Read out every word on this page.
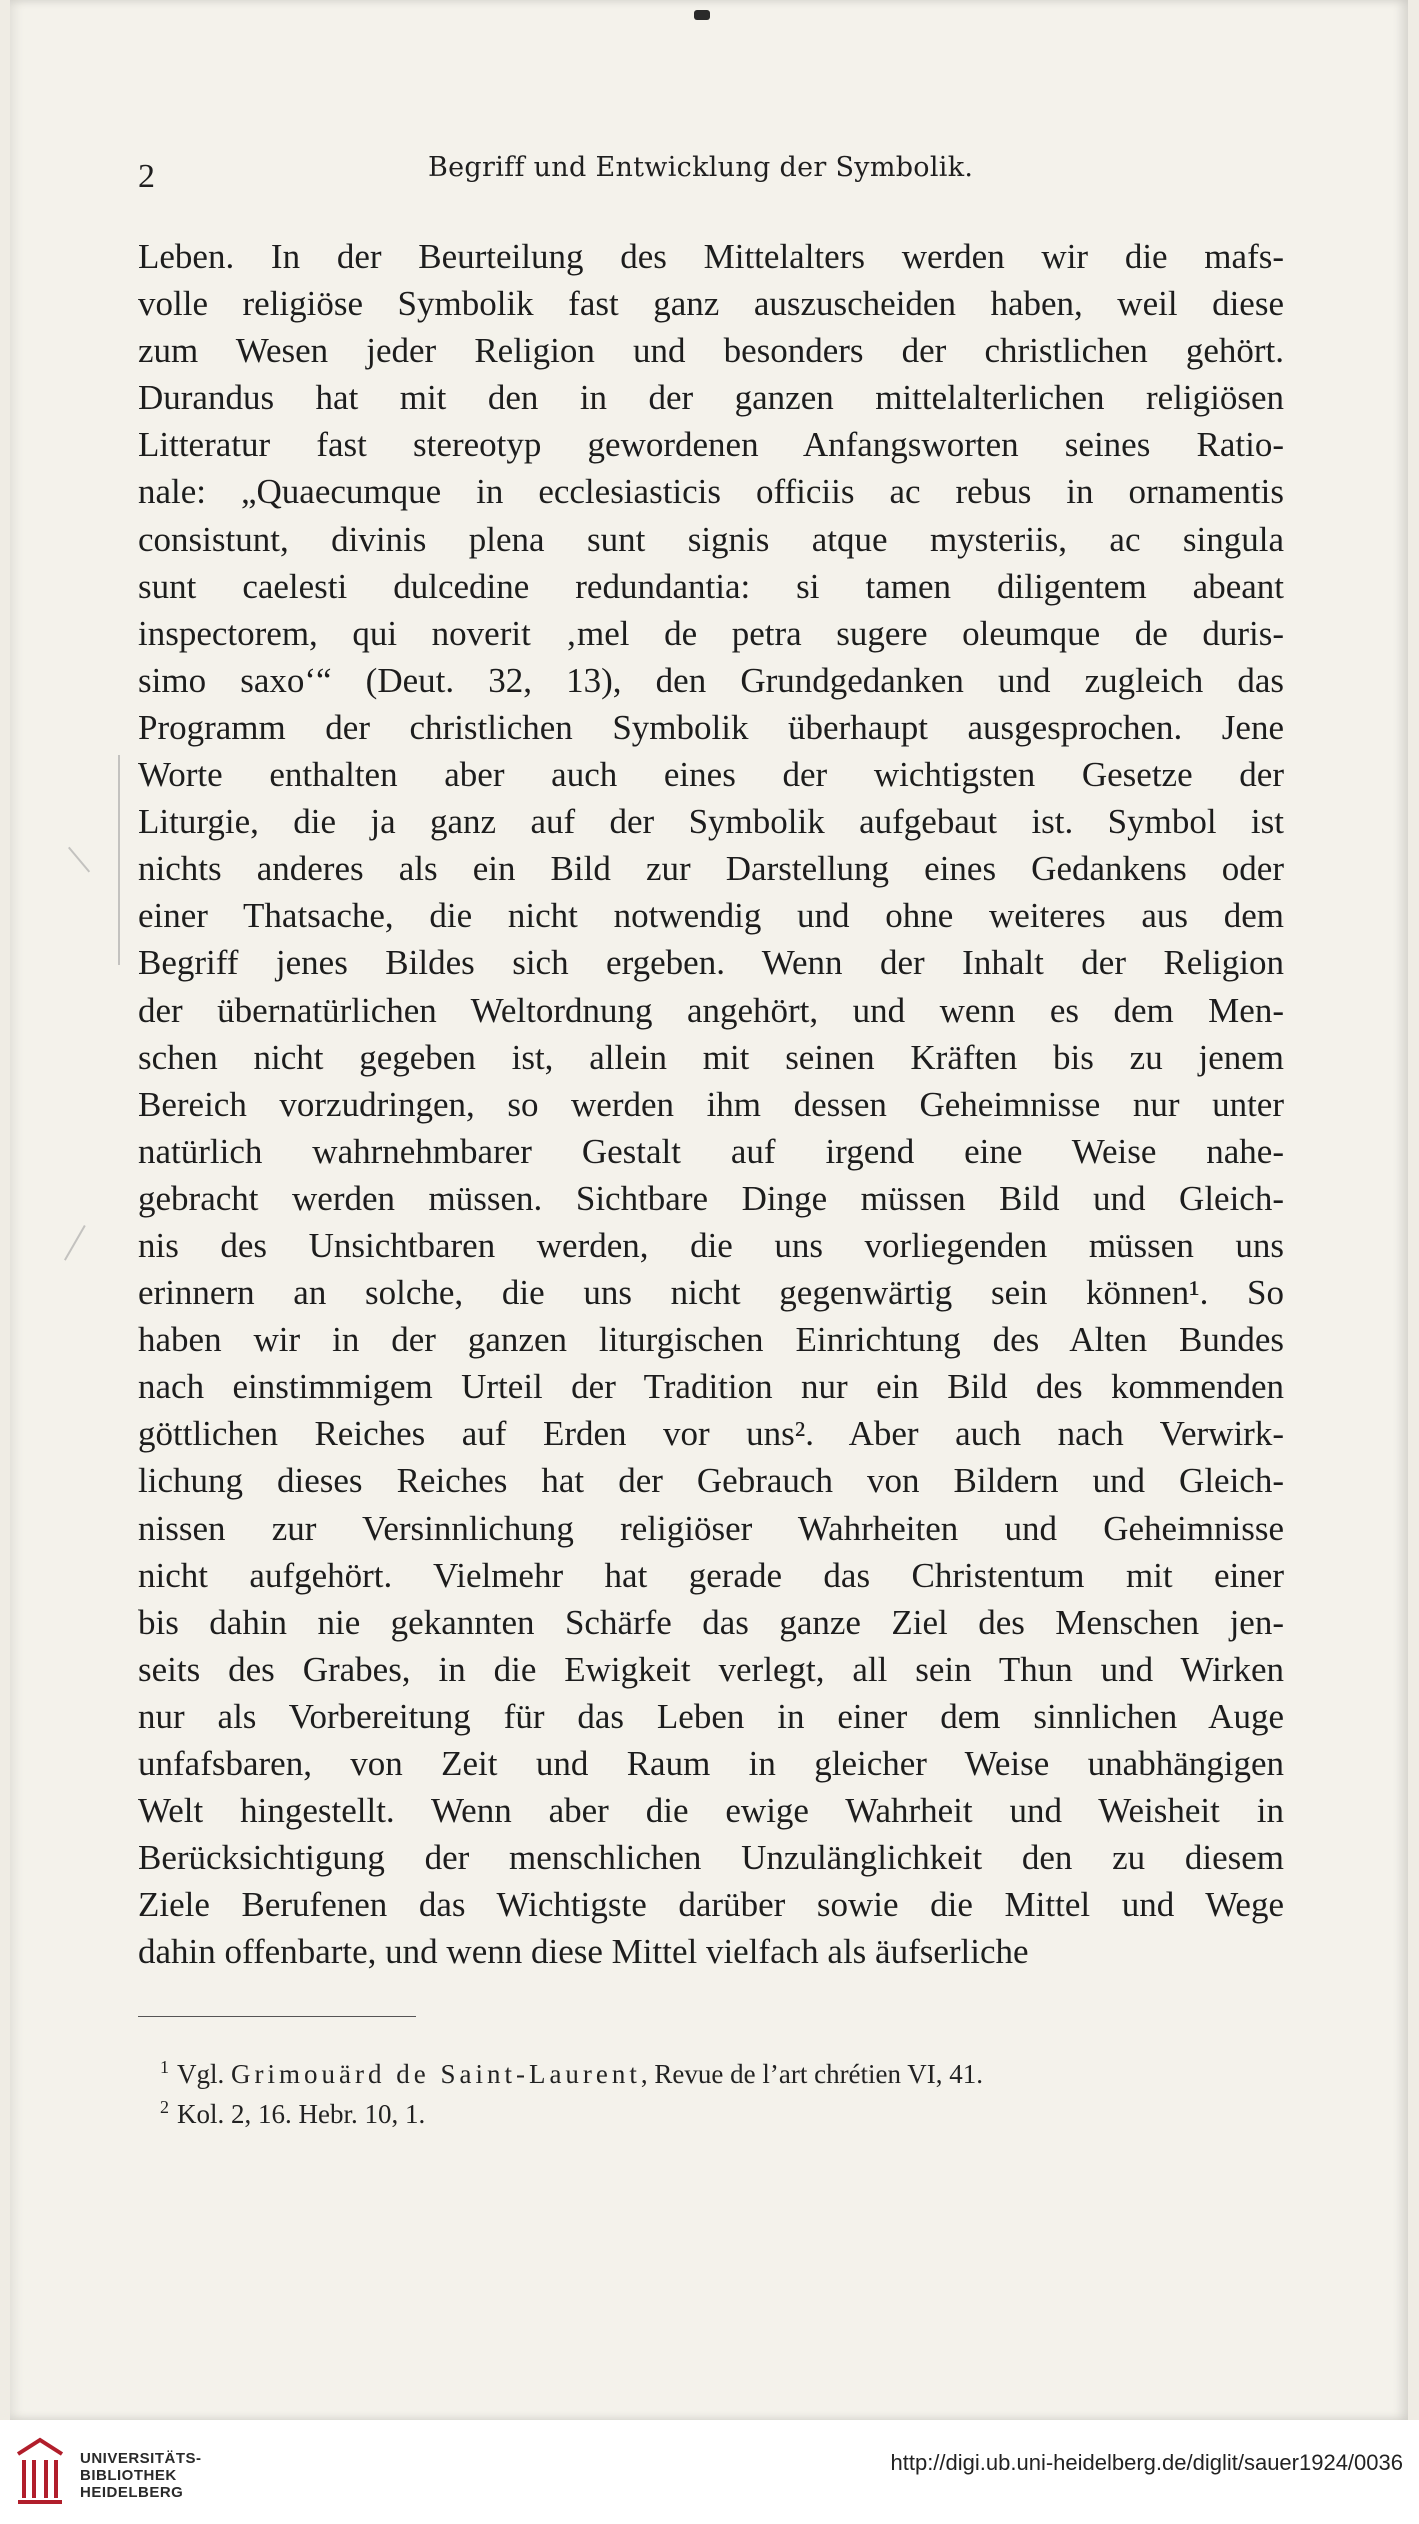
2	Begriff und Entwicklung der Symbolik.
Leben. In der Beurteilung des Mittelalters werden wir die mafs-
volle religiöse Symbolik fast ganz auszuscheiden haben, weil diese
zum Wesen jeder Religion und besonders der christlichen gehört.
Durandus hat mit den in der ganzen mittelalterlichen religiösen
Litteratur fast stereotyp gewordenen Anfangsworten seines Ratio-
nale: „Quaecumque in ecclesiasticis officiis ac rebus in ornamentis
consistunt, divinis plena sunt signis atque mysteriis, ac singula
sunt caelesti dulcedine redundantia: si tamen diligentem abeant
inspectorem, qui noverit ‚mel de petra sugere oleumque de duris-
simo saxo‘“ (Deut. 32, 13), den Grundgedanken und zugleich das
Programm der christlichen Symbolik überhaupt ausgesprochen. Jene
Worte enthalten aber auch eines der wichtigsten Gesetze der
Liturgie, die ja ganz auf der Symbolik aufgebaut ist. Symbol ist
nichts anderes als ein Bild zur Darstellung eines Gedankens oder
einer Thatsache, die nicht notwendig und ohne weiteres aus dem
Begriff jenes Bildes sich ergeben. Wenn der Inhalt der Religion
der übernatürlichen Weltordnung angehört, und wenn es dem Men-
schen nicht gegeben ist, allein mit seinen Kräften bis zu jenem
Bereich vorzudringen, so werden ihm dessen Geheimnisse nur unter
natürlich wahrnehmbarer Gestalt auf irgend eine Weise nahe-
gebracht werden müssen. Sichtbare Dinge müssen Bild und Gleich-
nis des Unsichtbaren werden, die uns vorliegenden müssen uns
erinnern an solche, die uns nicht gegenwärtig sein können¹. So
haben wir in der ganzen liturgischen Einrichtung des Alten Bundes
nach einstimmigem Urteil der Tradition nur ein Bild des kommenden
göttlichen Reiches auf Erden vor uns². Aber auch nach Verwirk-
lichung dieses Reiches hat der Gebrauch von Bildern und Gleich-
nissen zur Versinnlichung religiöser Wahrheiten und Geheimnisse
nicht aufgehört. Vielmehr hat gerade das Christentum mit einer
bis dahin nie gekannten Schärfe das ganze Ziel des Menschen jen-
seits des Grabes, in die Ewigkeit verlegt, all sein Thun und Wirken
nur als Vorbereitung für das Leben in einer dem sinnlichen Auge
unfafsbaren, von Zeit und Raum in gleicher Weise unabhängigen
Welt hingestellt. Wenn aber die ewige Wahrheit und Weisheit in
Berücksichtigung der menschlichen Unzulänglichkeit den zu diesem
Ziele Berufenen das Wichtigste darüber sowie die Mittel und Wege
dahin offenbarte, und wenn diese Mittel vielfach als äufserliche
$^1$ Vgl. Grimouärd de Saint-Laurent, Revue de l’art chrétien VI, 41.
$^2$ Kol. 2, 16. Hebr. 10, 1.
UNIVERSITÄTS-
BIBLIOTHEK
HEIDELBERG
http://digi.ub.uni-heidelberg.de/diglit/sauer1924/0036
